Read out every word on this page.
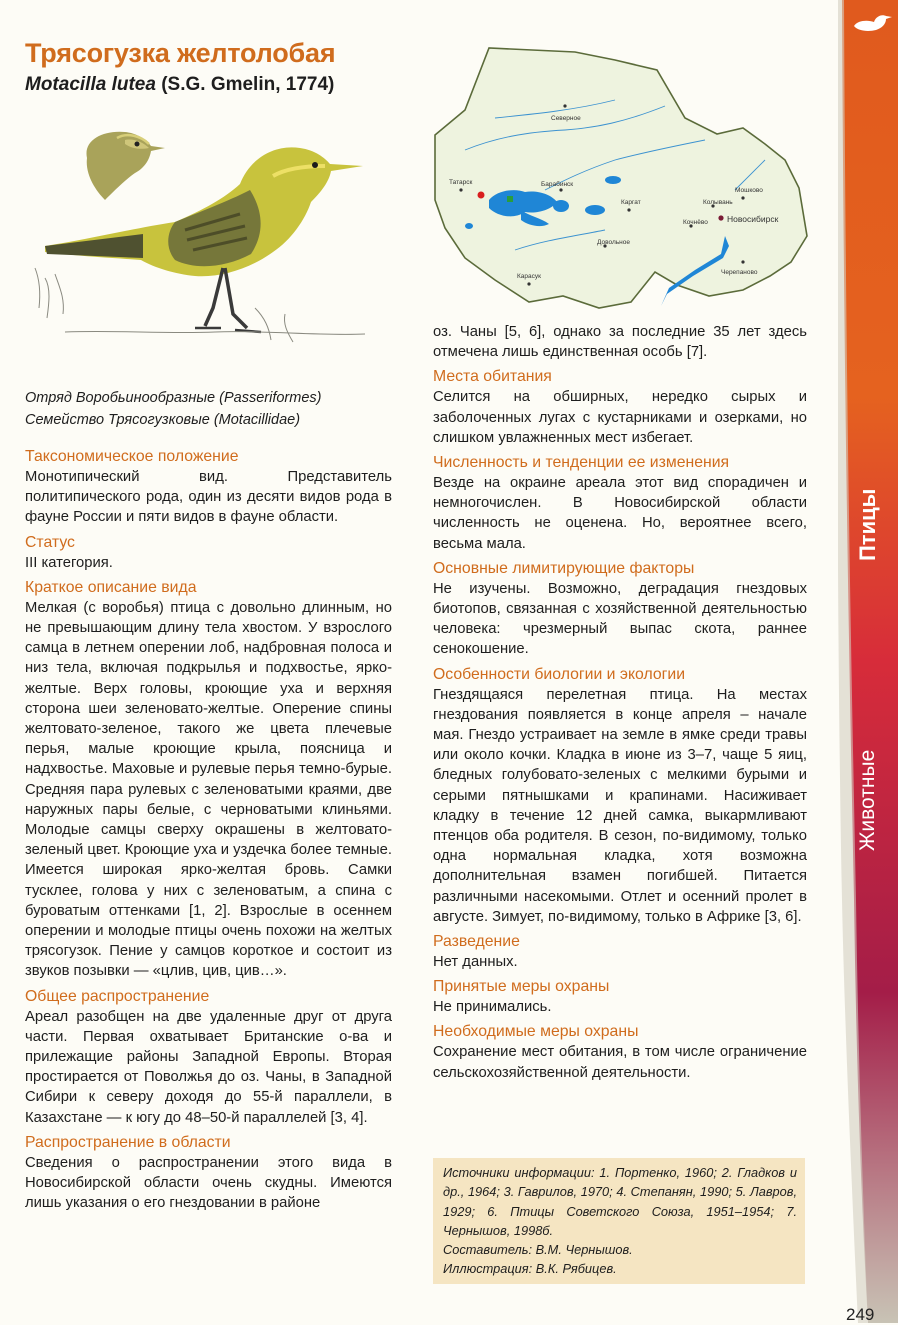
Трясогузка желтолобая
Motacilla lutea (S.G. Gmelin, 1774)
Отряд Воробьинообразные (Passeriformes)
Семейство Трясогузковые (Motacillidae)
Таксономическое положение

Монотипический вид. Представитель политипического рода, один из десяти видов рода в фауне России и пяти видов в фауне области.

Статус

III категория.

Краткое описание вида

Мелкая (с воробья) птица с довольно длинным, но не превышающим длину тела хвостом. У взрослого самца в летнем оперении лоб, надбровная полоса и низ тела, включая подкрылья и подхвостье, ярко-желтые. Верх головы, кроющие уха и верхняя сторона шеи зеленовато-желтые. Оперение спины желтовато-зеленое, такого же цвета плечевые перья, малые кроющие крыла, поясница и надхвостье. Маховые и рулевые перья темно-бурые. Средняя пара рулевых с зеленоватыми краями, две наружных пары белые, с черноватыми клиньями. Молодые самцы сверху окрашены в желтовато-зеленый цвет. Кроющие уха и уздечка более темные. Имеется широкая ярко-желтая бровь. Самки тусклее, голова у них с зеленоватым, а спина с буроватым оттенками [1, 2]. Взрослые в осеннем оперении и молодые птицы очень похожи на желтых трясогузок. Пение у самцов короткое и состоит из звуков позывки — «цлив, цив, цив…».

Общее распространение

Ареал разобщен на две удаленные друг от друга части. Первая охватывает Британские о-ва и прилежащие районы Западной Европы. Вторая простирается от Поволжья до оз. Чаны, в Западной Сибири к северу доходя до 55-й параллели, в Казахстане — к югу до 48–50-й параллелей [3, 4].

Распространение в области

Сведения о распространении этого вида в Новосибирской области очень скудны. Имеются лишь указания о его гнездовании в районе

Северное
Татарск	Барабинск
Каргат
Мошково
Колывань
Новосибирск
Кочнёво
Довольное
Карасук
Черепаново

оз. Чаны [5, 6], однако за последние 35 лет здесь отмечена лишь единственная особь [7].

Места обитания

Селится на обширных, нередко сырых и заболоченных лугах с кустарниками и озерками, но слишком увлажненных мест избегает.

Численность и тенденции ее изменения

Везде на окраине ареала этот вид спорадичен и немногочислен. В Новосибирской области численность не оценена. Но, вероятнее всего, весьма мала.

Основные лимитирующие факторы

Не изучены. Возможно, деградация гнездовых биотопов, связанная с хозяйственной деятельностью человека: чрезмерный выпас скота, раннее сенокошение.

Особенности биологии и экологии

Гнездящаяся перелетная птица. На местах гнездования появляется в конце апреля – начале мая. Гнездо устраивает на земле в ямке среди травы или около кочки. Кладка в июне из 3–7, чаще 5 яиц, бледных голубовато-зеленых с мелкими бурыми и серыми пятнышками и крапинами. Насиживает кладку в течение 12 дней самка, выкармливают птенцов оба родителя. В сезон, по-видимому, только одна нормальная кладка, хотя возможна дополнительная взамен погибшей. Питается различными насекомыми. Отлет и осенний пролет в августе. Зимует, по-видимому, только в Африке [3, 6].

Разведение

Нет данных.

Принятые меры охраны

Не принимались.

Необходимые меры охраны

Сохранение мест обитания, в том числе ограничение сельскохозяйственной деятельности.

Источники информации: 1. Портенко, 1960; 2. Гладков и др., 1964; 3. Гаврилов, 1970; 4. Степанян, 1990; 5. Лавров, 1929; 6. Птицы Советского Союза, 1951–1954; 7. Чернышов, 1998б.

Составитель: В.М. Чернышов.

Иллюстрация: В.К. Рябицев.

Птицы
Животные
249
